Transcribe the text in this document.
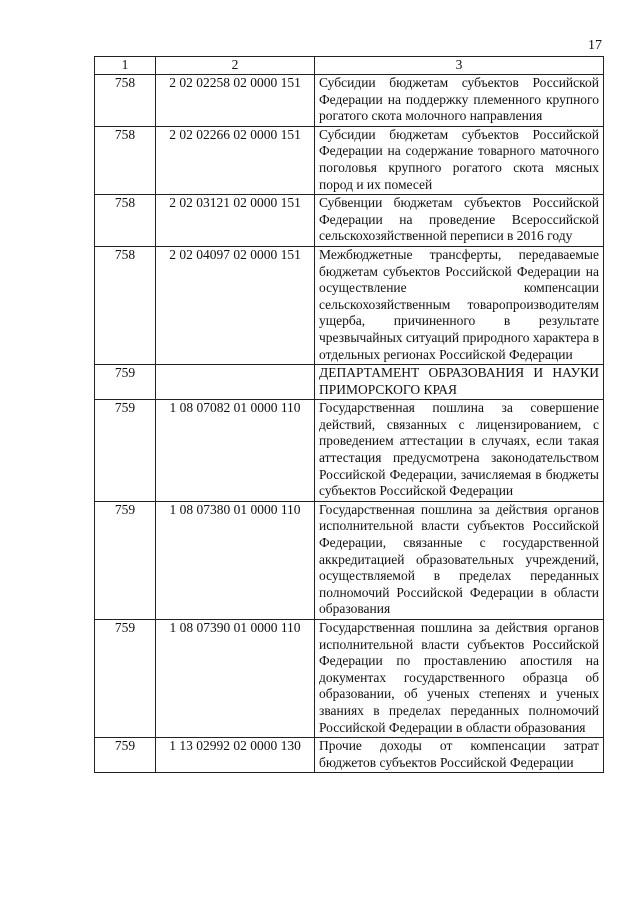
17
1	2	3
758	2 02 02258 02 0000 151	Субсидии бюджетам субъектов Российской Федерации на поддержку племенного крупного рогатого скота молочного направления
758	2 02 02266 02 0000 151	Субсидии бюджетам субъектов Российской Федерации на содержание товарного маточного поголовья крупного рогатого скота мясных пород и их помесей
758	2 02 03121 02 0000 151	Субвенции бюджетам субъектов Российской Федерации на проведение Всероссийской сельскохозяйственной переписи в 2016 году
758	2 02 04097 02 0000 151	Межбюджетные трансферты, передаваемые бюджетам субъектов Российской Федерации на осуществление компенсации сельскохозяйственным товаропроизводителям ущерба, причиненного в результате чрезвычайных ситуаций природного характера в отдельных регионах Российской Федерации
759		ДЕПАРТАМЕНТ ОБРАЗОВАНИЯ И НАУКИ ПРИМОРСКОГО КРАЯ
759	1 08 07082 01 0000 110	Государственная пошлина за совершение действий, связанных с лицензированием, с проведением аттестации в случаях, если такая аттестация предусмотрена законодательством Российской Федерации, зачисляемая в бюджеты субъектов Российской Федерации
759	1 08 07380 01 0000 110	Государственная пошлина за действия органов исполнительной власти субъектов Российской Федерации, связанные с государственной аккредитацией образовательных учреждений, осуществляемой в пределах переданных полномочий Российской Федерации в области образования
759	1 08 07390 01 0000 110	Государственная пошлина за действия органов исполнительной власти субъектов Российской Федерации по проставлению апостиля на документах государственного образца об образовании, об ученых степенях и ученых званиях в пределах переданных полномочий Российской Федерации в области образования
759	1 13 02992 02 0000 130	Прочие доходы от компенсации затрат бюджетов субъектов Российской Федерации
